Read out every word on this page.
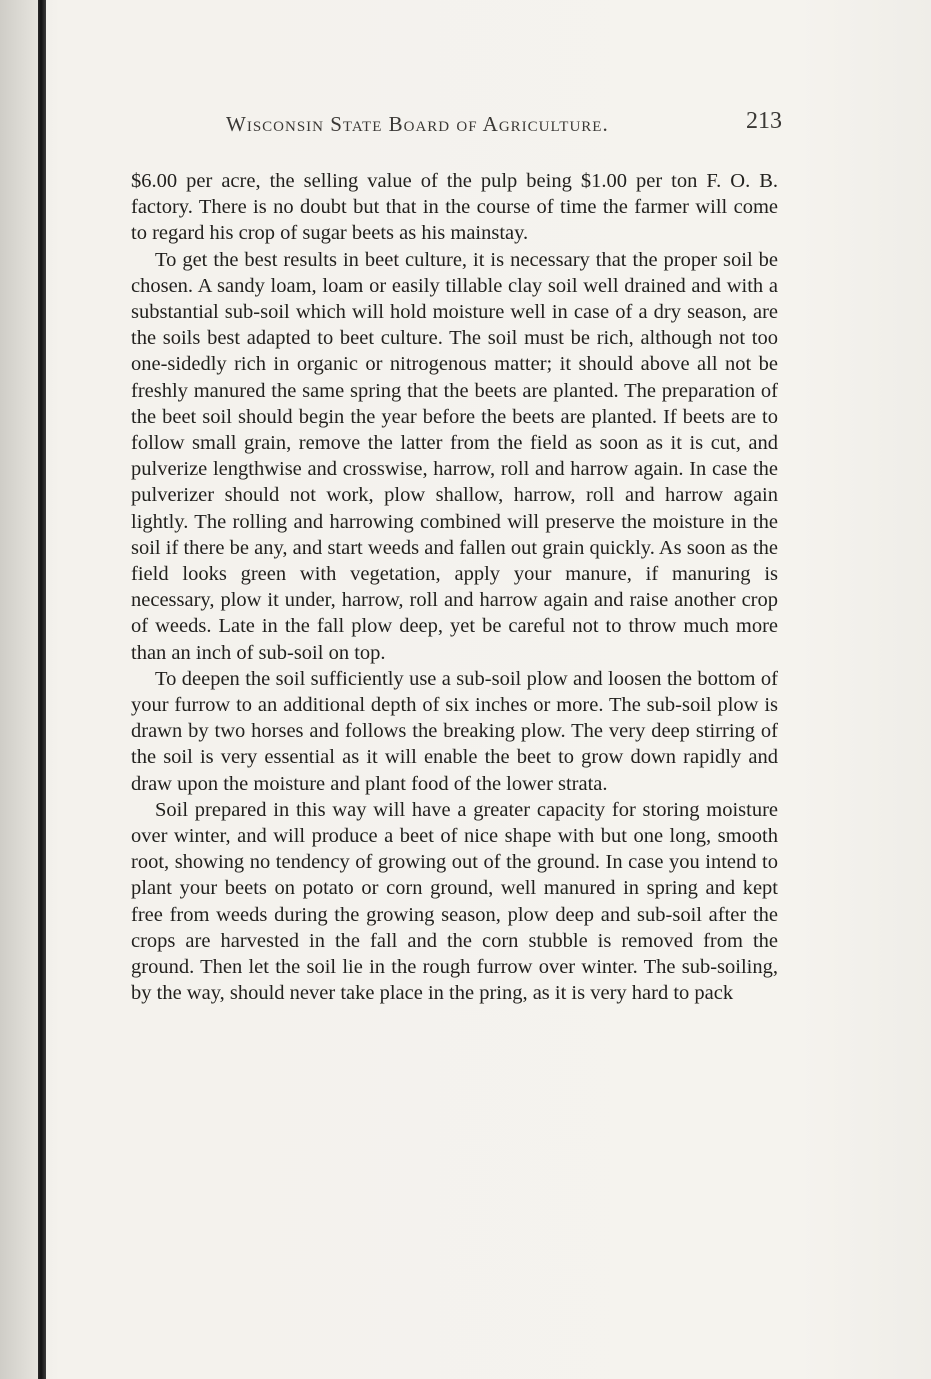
Wisconsin State Board of Agriculture.	213

$6.00 per acre, the selling value of the pulp being $1.00 per ton F. O. B. factory. There is no doubt but that in the course of time the farmer will come to regard his crop of sugar beets as his mainstay.

To get the best results in beet culture, it is necessary that the proper soil be chosen. A sandy loam, loam or easily tillable clay soil well drained and with a substantial sub-soil which will hold moisture well in case of a dry season, are the soils best adapted to beet culture. The soil must be rich, although not too one-sidedly rich in organic or nitrogenous matter; it should above all not be freshly manured the same spring that the beets are planted. The preparation of the beet soil should begin the year before the beets are planted. If beets are to follow small grain, remove the latter from the field as soon as it is cut, and pulverize lengthwise and crosswise, harrow, roll and harrow again. In case the pulverizer should not work, plow shallow, harrow, roll and harrow again lightly. The rolling and harrowing combined will preserve the moisture in the soil if there be any, and start weeds and fallen out grain quickly. As soon as the field looks green with vegetation, apply your manure, if manuring is necessary, plow it under, harrow, roll and harrow again and raise another crop of weeds. Late in the fall plow deep, yet be careful not to throw much more than an inch of sub-soil on top.

To deepen the soil sufficiently use a sub-soil plow and loosen the bottom of your furrow to an additional depth of six inches or more. The sub-soil plow is drawn by two horses and follows the breaking plow. The very deep stirring of the soil is very essential as it will enable the beet to grow down rapidly and draw upon the moisture and plant food of the lower strata.

Soil prepared in this way will have a greater capacity for storing moisture over winter, and will produce a beet of nice shape with but one long, smooth root, showing no tendency of growing out of the ground. In case you intend to plant your beets on potato or corn ground, well manured in spring and kept free from weeds during the growing season, plow deep and sub-soil after the crops are harvested in the fall and the corn stubble is removed from the ground. Then let the soil lie in the rough furrow over winter. The sub-soiling, by the way, should never take place in the pring, as it is very hard to pack
